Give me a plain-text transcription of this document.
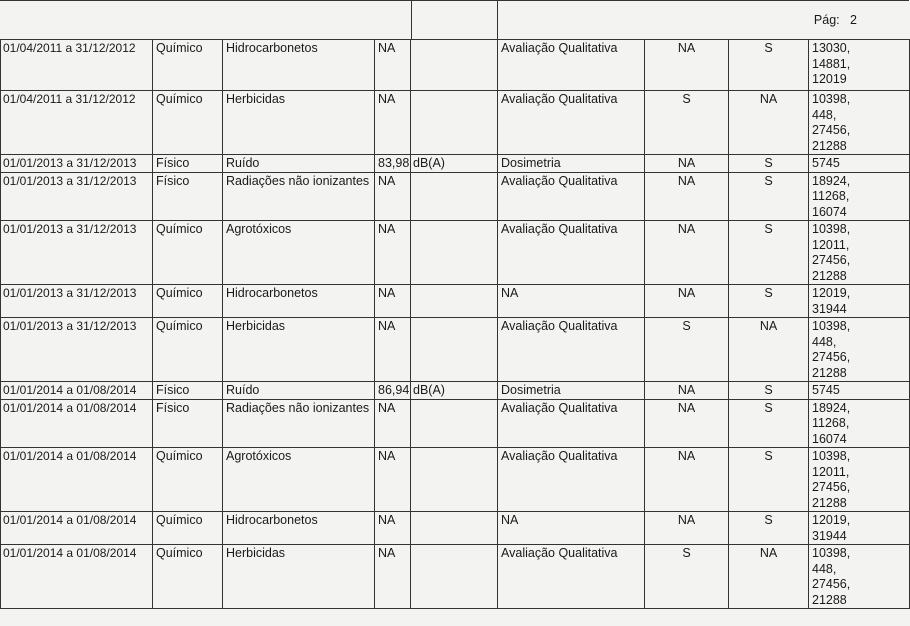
Pág: 2
01/04/2011 a 31/12/2012	Químico	Hidrocarbonetos	NA		Avaliação Qualitativa	NA	S	13030,
14881,
12019

01/04/2011 a 31/12/2012	Químico	Herbicidas	NA		Avaliação Qualitativa	S	NA	10398,
448,
27456,
21288

01/01/2013 a 31/12/2013	Físico	Ruído	83,98	dB(A)	Dosimetria	NA	S	5745

01/01/2013 a 31/12/2013	Físico	Radiações não ionizantes	NA		Avaliação Qualitativa	NA	S	18924,
11268,
16074

01/01/2013 a 31/12/2013	Químico	Agrotóxicos	NA		Avaliação Qualitativa	NA	S	10398,
12011,
27456,
21288

01/01/2013 a 31/12/2013	Químico	Hidrocarbonetos	NA		NA	NA	S	12019,
31944

01/01/2013 a 31/12/2013	Químico	Herbicidas	NA		Avaliação Qualitativa	S	NA	10398,
448,
27456,
21288

01/01/2014 a 01/08/2014	Físico	Ruído	86,94	dB(A)	Dosimetria	NA	S	5745

01/01/2014 a 01/08/2014	Físico	Radiações não ionizantes	NA		Avaliação Qualitativa	NA	S	18924,
11268,
16074

01/01/2014 a 01/08/2014	Químico	Agrotóxicos	NA		Avaliação Qualitativa	NA	S	10398,
12011,
27456,
21288

01/01/2014 a 01/08/2014	Químico	Hidrocarbonetos	NA		NA	NA	S	12019,
31944

01/01/2014 a 01/08/2014	Químico	Herbicidas	NA		Avaliação Qualitativa	S	NA	10398,
448,
27456,
21288
